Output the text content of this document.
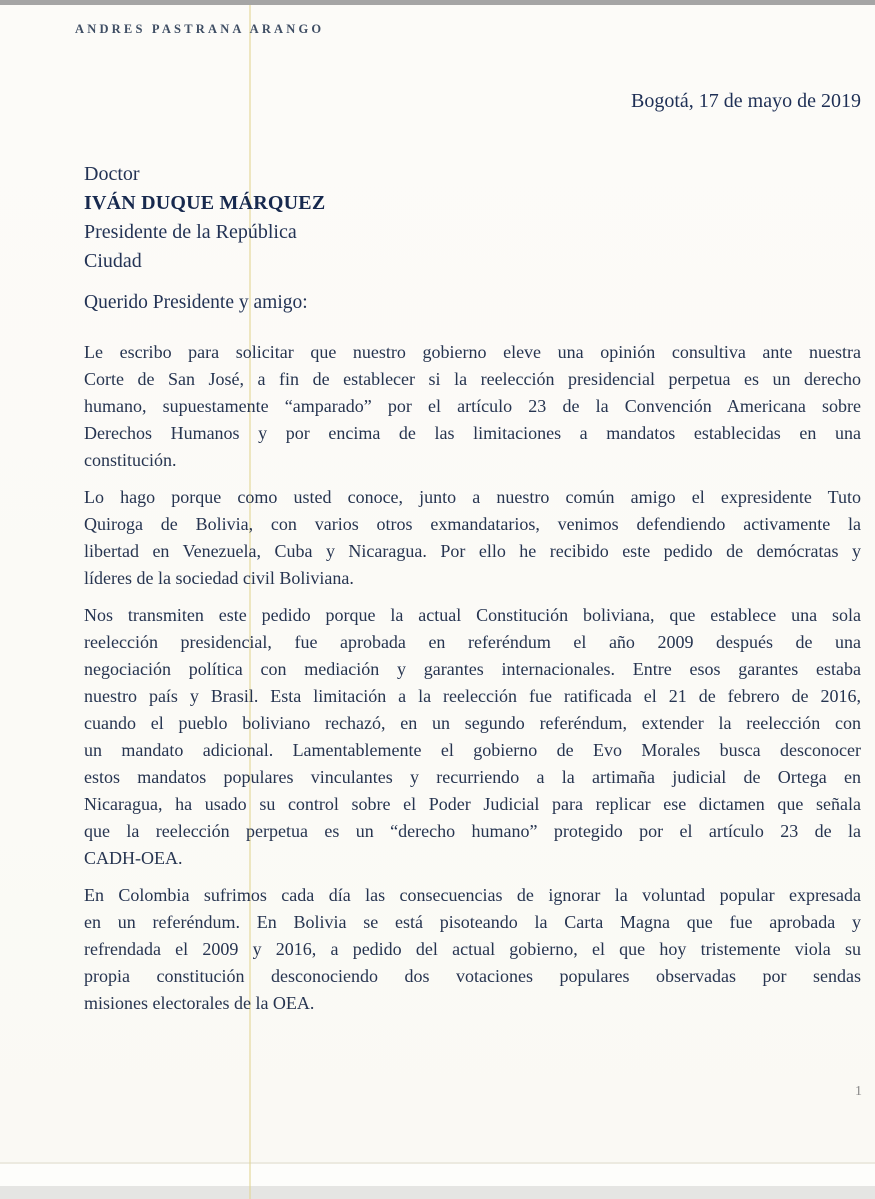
ANDRES PASTRANA ARANGO
Bogotá, 17 de mayo de 2019
Doctor
IVÁN DUQUE MÁRQUEZ
Presidente de la República
Ciudad
Querido Presidente y amigo:
Le escribo para solicitar que nuestro gobierno eleve una opinión consultiva ante nuestra
Corte de San José, a fin de establecer si la reelección presidencial perpetua es un derecho
humano, supuestamente “amparado” por el artículo 23 de la Convención Americana sobre
Derechos Humanos y por encima de las limitaciones a mandatos establecidas en una
constitución.
Lo hago porque como usted conoce, junto a nuestro común amigo el expresidente Tuto
Quiroga de Bolivia, con varios otros exmandatarios, venimos defendiendo activamente la
libertad en Venezuela, Cuba y Nicaragua. Por ello he recibido este pedido de demócratas y
líderes de la sociedad civil Boliviana.
Nos transmiten este pedido porque la actual Constitución boliviana, que establece una sola
reelección presidencial, fue aprobada en referéndum el año 2009 después de una
negociación política con mediación y garantes internacionales. Entre esos garantes estaba
nuestro país y Brasil. Esta limitación a la reelección fue ratificada el 21 de febrero de 2016,
cuando el pueblo boliviano rechazó, en un segundo referéndum, extender la reelección con
un mandato adicional. Lamentablemente el gobierno de Evo Morales busca desconocer
estos mandatos populares vinculantes y recurriendo a la artimaña judicial de Ortega en
Nicaragua, ha usado su control sobre el Poder Judicial para replicar ese dictamen que señala
que la reelección perpetua es un “derecho humano” protegido por el artículo 23 de la
CADH-OEA.
En Colombia sufrimos cada día las consecuencias de ignorar la voluntad popular expresada
en un referéndum. En Bolivia se está pisoteando la Carta Magna que fue aprobada y
refrendada el 2009 y 2016, a pedido del actual gobierno, el que hoy tristemente viola su
propia constitución desconociendo dos votaciones populares observadas por sendas
misiones electorales de la OEA.
1
